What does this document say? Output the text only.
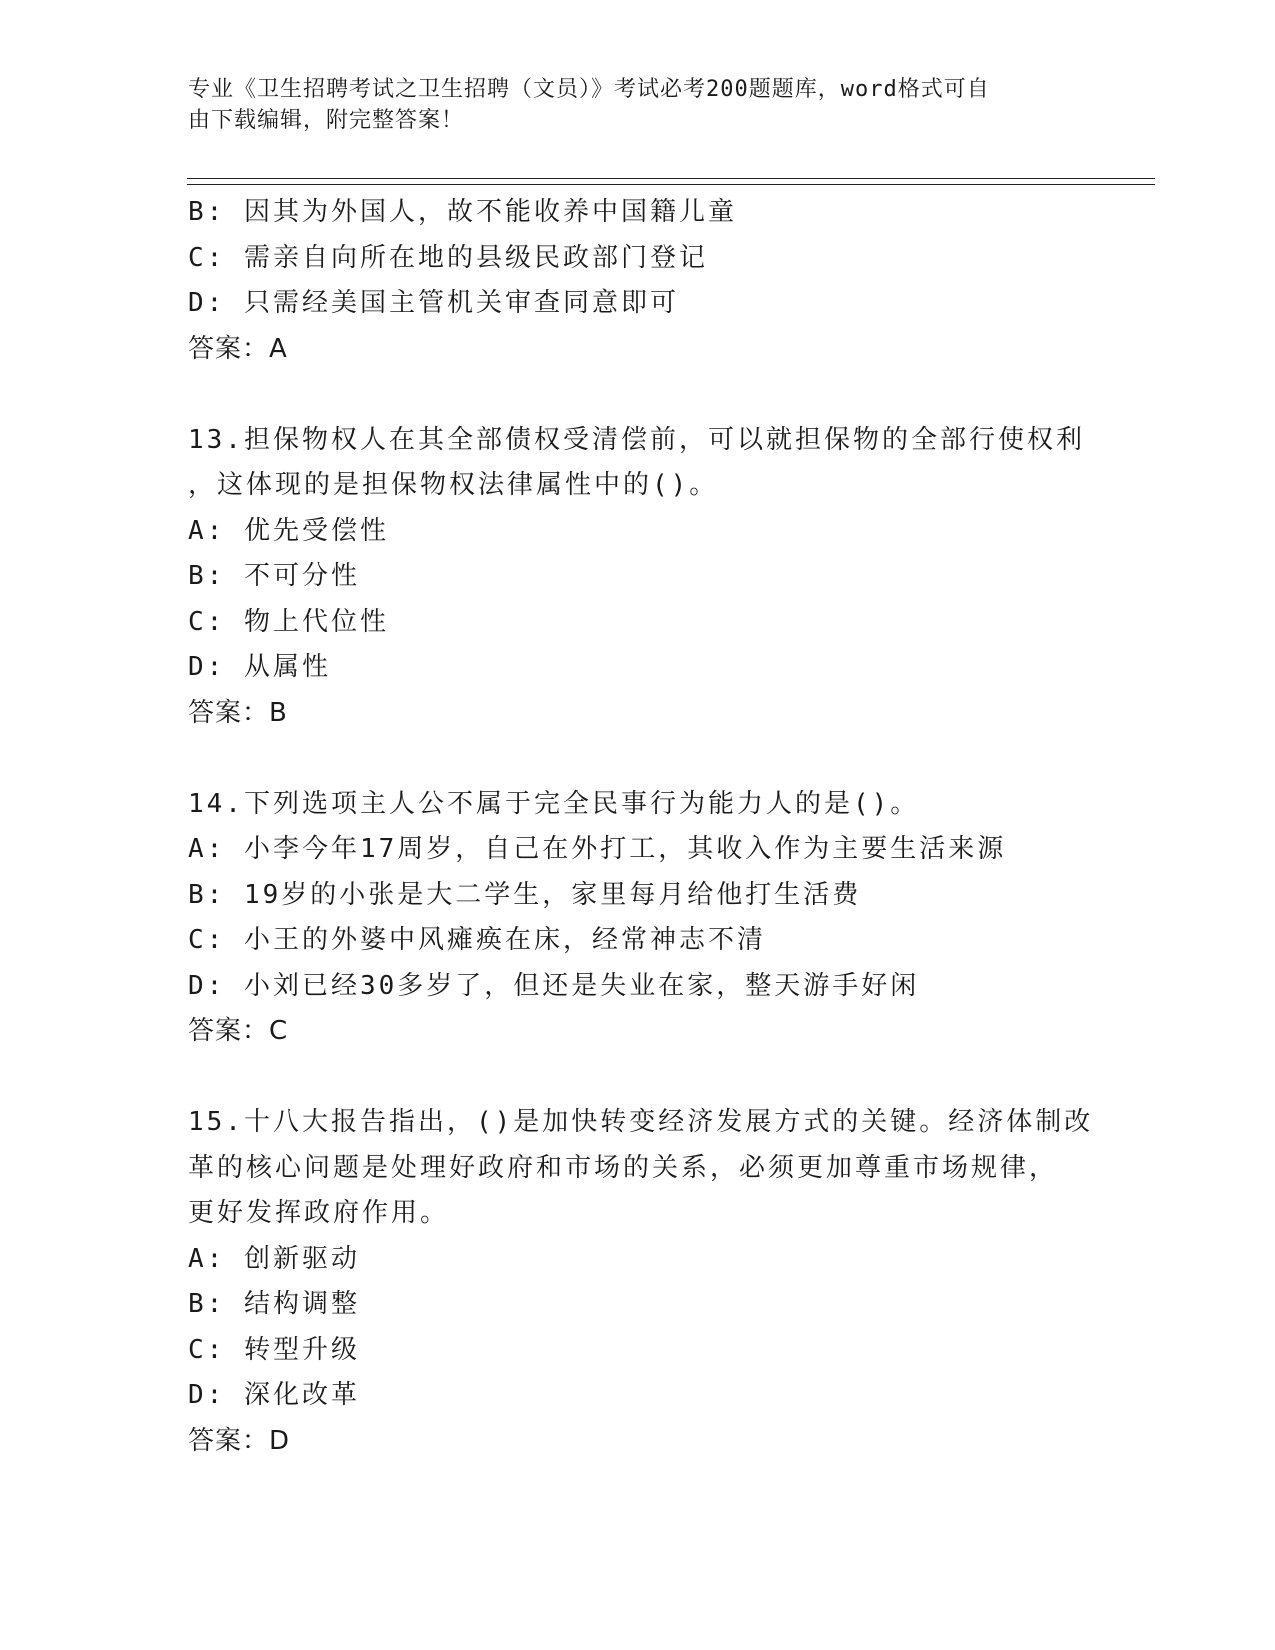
专业《卫生招聘考试之卫生招聘（文员）》考试必考200题题库，word格式可自
由下载编辑，附完整答案！
B: 因其为外国人，故不能收养中国籍儿童
C: 需亲自向所在地的县级民政部门登记
D: 只需经美国主管机关审查同意即可
答案：A
13.担保物权人在其全部债权受清偿前，可以就担保物的全部行使权利
，这体现的是担保物权法律属性中的()。
A: 优先受偿性
B: 不可分性
C: 物上代位性
D: 从属性
答案：B
14.下列选项主人公不属于完全民事行为能力人的是()。
A: 小李今年17周岁，自己在外打工，其收入作为主要生活来源
B: 19岁的小张是大二学生，家里每月给他打生活费
C: 小王的外婆中风瘫痪在床，经常神志不清
D: 小刘已经30多岁了，但还是失业在家，整天游手好闲
答案：C
15.十八大报告指出，()是加快转变经济发展方式的关键。经济体制改
革的核心问题是处理好政府和市场的关系，必须更加尊重市场规律，
更好发挥政府作用。
A: 创新驱动
B: 结构调整
C: 转型升级
D: 深化改革
答案：D
